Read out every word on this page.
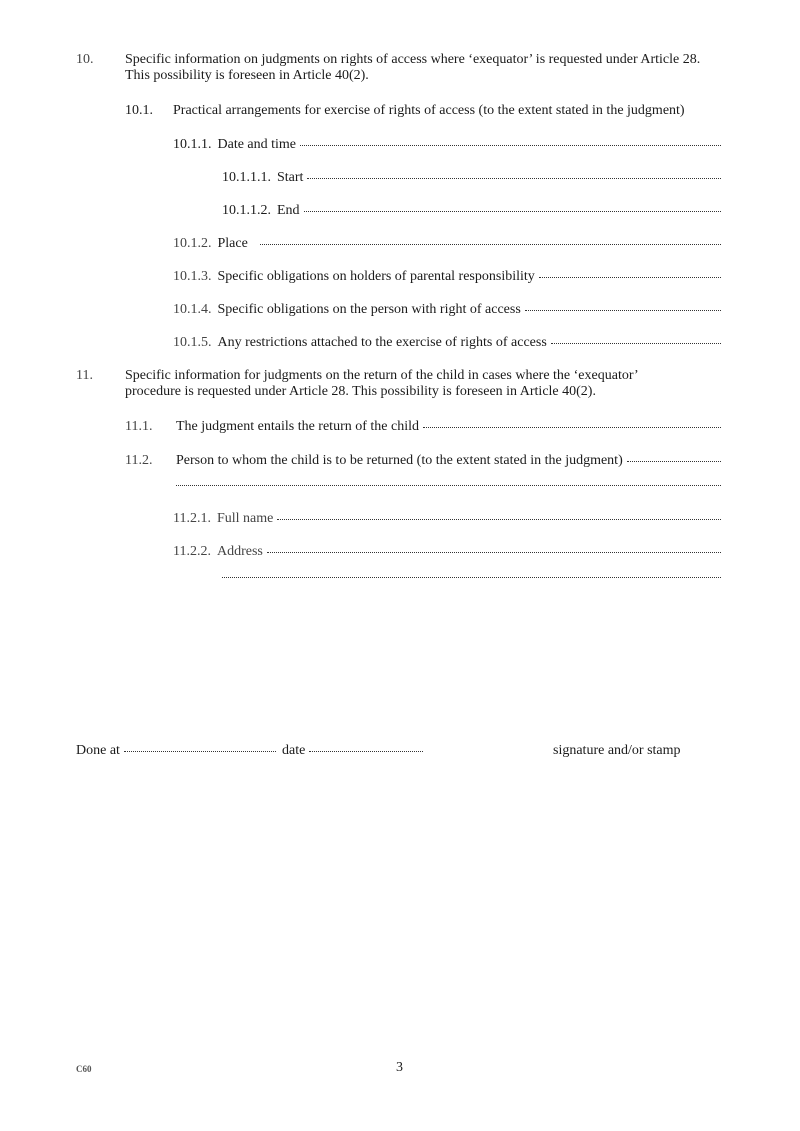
10. Specific information on judgments on rights of access where ‘exequator’ is requested under Article 28.
This possibility is foreseen in Article 40(2).
10.1. Practical arrangements for exercise of rights of access (to the extent stated in the judgment)
10.1.1. Date and time
10.1.1.1. Start
10.1.1.2. End
10.1.2. Place
10.1.3. Specific obligations on holders of parental responsibility
10.1.4. Specific obligations on the person with right of access
10.1.5. Any restrictions attached to the exercise of rights of access
11. Specific information for judgments on the return of the child in cases where the ‘exequator’
procedure is requested under Article 28. This possibility is foreseen in Article 40(2).
11.1. The judgment entails the return of the child
11.2. Person to whom the child is to be returned (to the extent stated in the judgment)
11.2.1. Full name
11.2.2. Address
Done at	date	signature and/or stamp
C60	3
